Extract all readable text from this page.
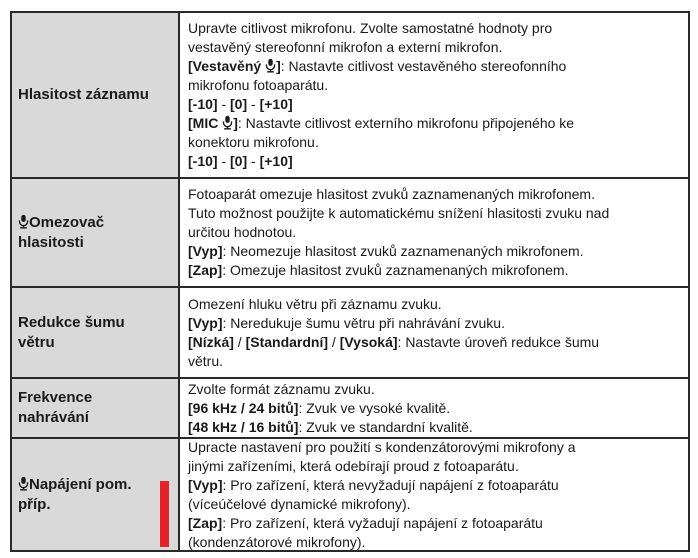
Hlasitost záznamu
Upravte citlivost mikrofonu. Zvolte samostatné hodnoty pro
vestavěný stereofonní mikrofon a externí mikrofon.
[Vestavěný ]: Nastavte citlivost vestavěného stereofonního
mikrofonu fotoaparátu.
[-10] - [0] - [+10]
[MIC ]: Nastavte citlivost externího mikrofonu připojeného ke
konektoru mikrofonu.
[-10] - [0] - [+10]
Omezovač
hlasitosti
Fotoaparát omezuje hlasitost zvuků zaznamenaných mikrofonem.
Tuto možnost použijte k automatickému snížení hlasitosti zvuku nad
určitou hodnotou.
[Vyp]: Neomezuje hlasitost zvuků zaznamenaných mikrofonem.
[Zap]: Omezuje hlasitost zvuků zaznamenaných mikrofonem.
Redukce šumu
větru
Omezení hluku větru při záznamu zvuku.
[Vyp]: Neredukuje šumu větru při nahrávání zvuku.
[Nízká] / [Standardní] / [Vysoká]: Nastavte úroveň redukce šumu
větru.
Frekvence
nahrávání
Zvolte formát záznamu zvuku.
[96 kHz / 24 bitů]: Zvuk ve vysoké kvalitě.
[48 kHz / 16 bitů]: Zvuk ve standardní kvalitě.
Napájení pom.
příp.
Upracte nastavení pro použití s kondenzátorovými mikrofony a
jinými zařízeními, která odebírají proud z fotoaparátu.
[Vyp]: Pro zařízení, která nevyžadují napájení z fotoaparátu
(víceúčelové dynamické mikrofony).
[Zap]: Pro zařízení, která vyžadují napájení z fotoaparátu
(kondenzátorové mikrofony).
